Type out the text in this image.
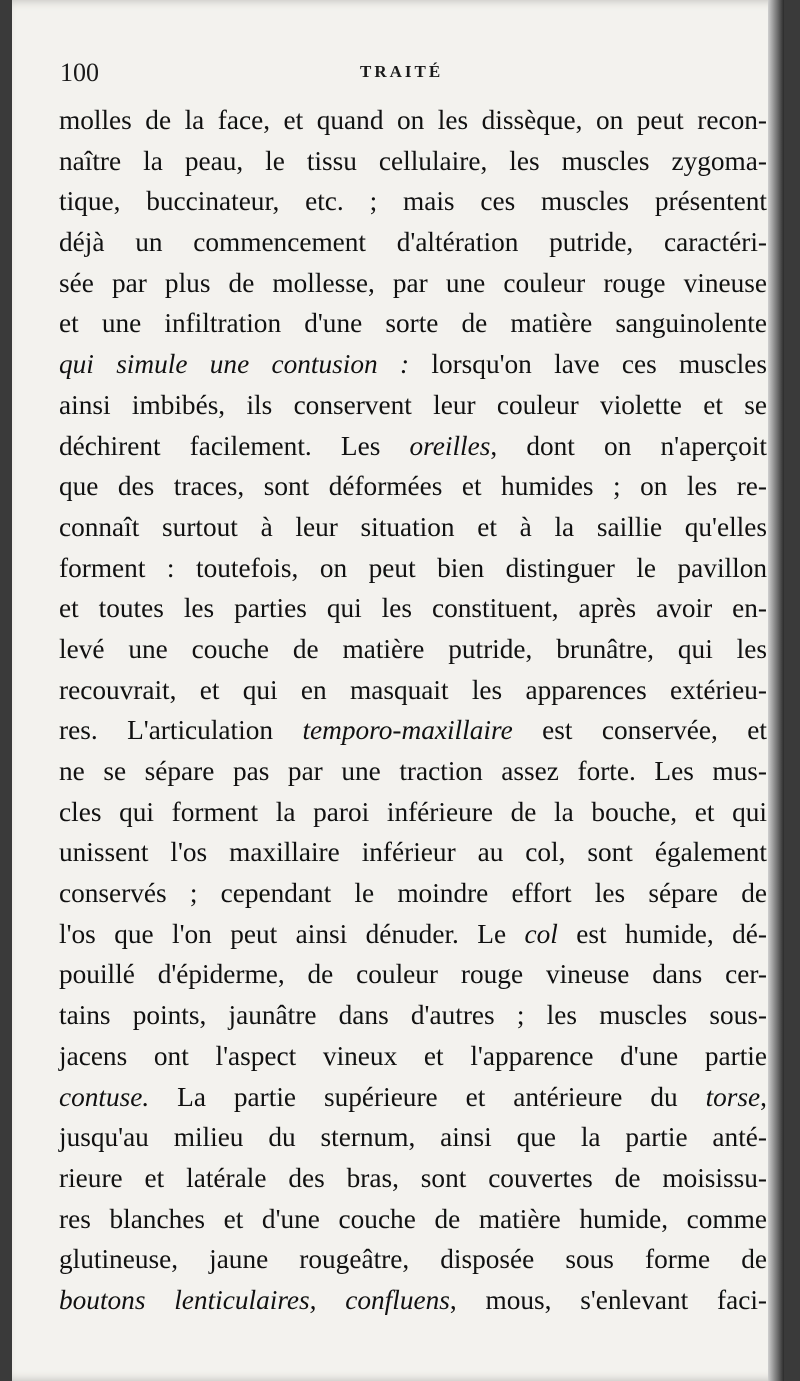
100	TRAITÉ
molles de la face, et quand on les dissèque, on peut recon-
naître la peau, le tissu cellulaire, les muscles zygoma-
tique, buccinateur, etc. ; mais ces muscles présentent
déjà un commencement d'altération putride, caractéri-
sée par plus de mollesse, par une couleur rouge vineuse
et une infiltration d'une sorte de matière sanguinolente
qui simule une contusion : lorsqu'on lave ces muscles
ainsi imbibés, ils conservent leur couleur violette et se
déchirent facilement. Les oreilles, dont on n'aperçoit
que des traces, sont déformées et humides ; on les re-
connaît surtout à leur situation et à la saillie qu'elles
forment : toutefois, on peut bien distinguer le pavillon
et toutes les parties qui les constituent, après avoir en-
levé une couche de matière putride, brunâtre, qui les
recouvrait, et qui en masquait les apparences extérieu-
res. L'articulation temporo-maxillaire est conservée, et
ne se sépare pas par une traction assez forte. Les mus-
cles qui forment la paroi inférieure de la bouche, et qui
unissent l'os maxillaire inférieur au col, sont également
conservés ; cependant le moindre effort les sépare de
l'os que l'on peut ainsi dénuder. Le col est humide, dé-
pouillé d'épiderme, de couleur rouge vineuse dans cer-
tains points, jaunâtre dans d'autres ; les muscles sous-
jacens ont l'aspect vineux et l'apparence d'une partie
contuse. La partie supérieure et antérieure du torse,
jusqu'au milieu du sternum, ainsi que la partie anté-
rieure et latérale des bras, sont couvertes de moisissu-
res blanches et d'une couche de matière humide, comme
glutineuse, jaune rougeâtre, disposée sous forme de
boutons lenticulaires, confluens, mous, s'enlevant faci-
